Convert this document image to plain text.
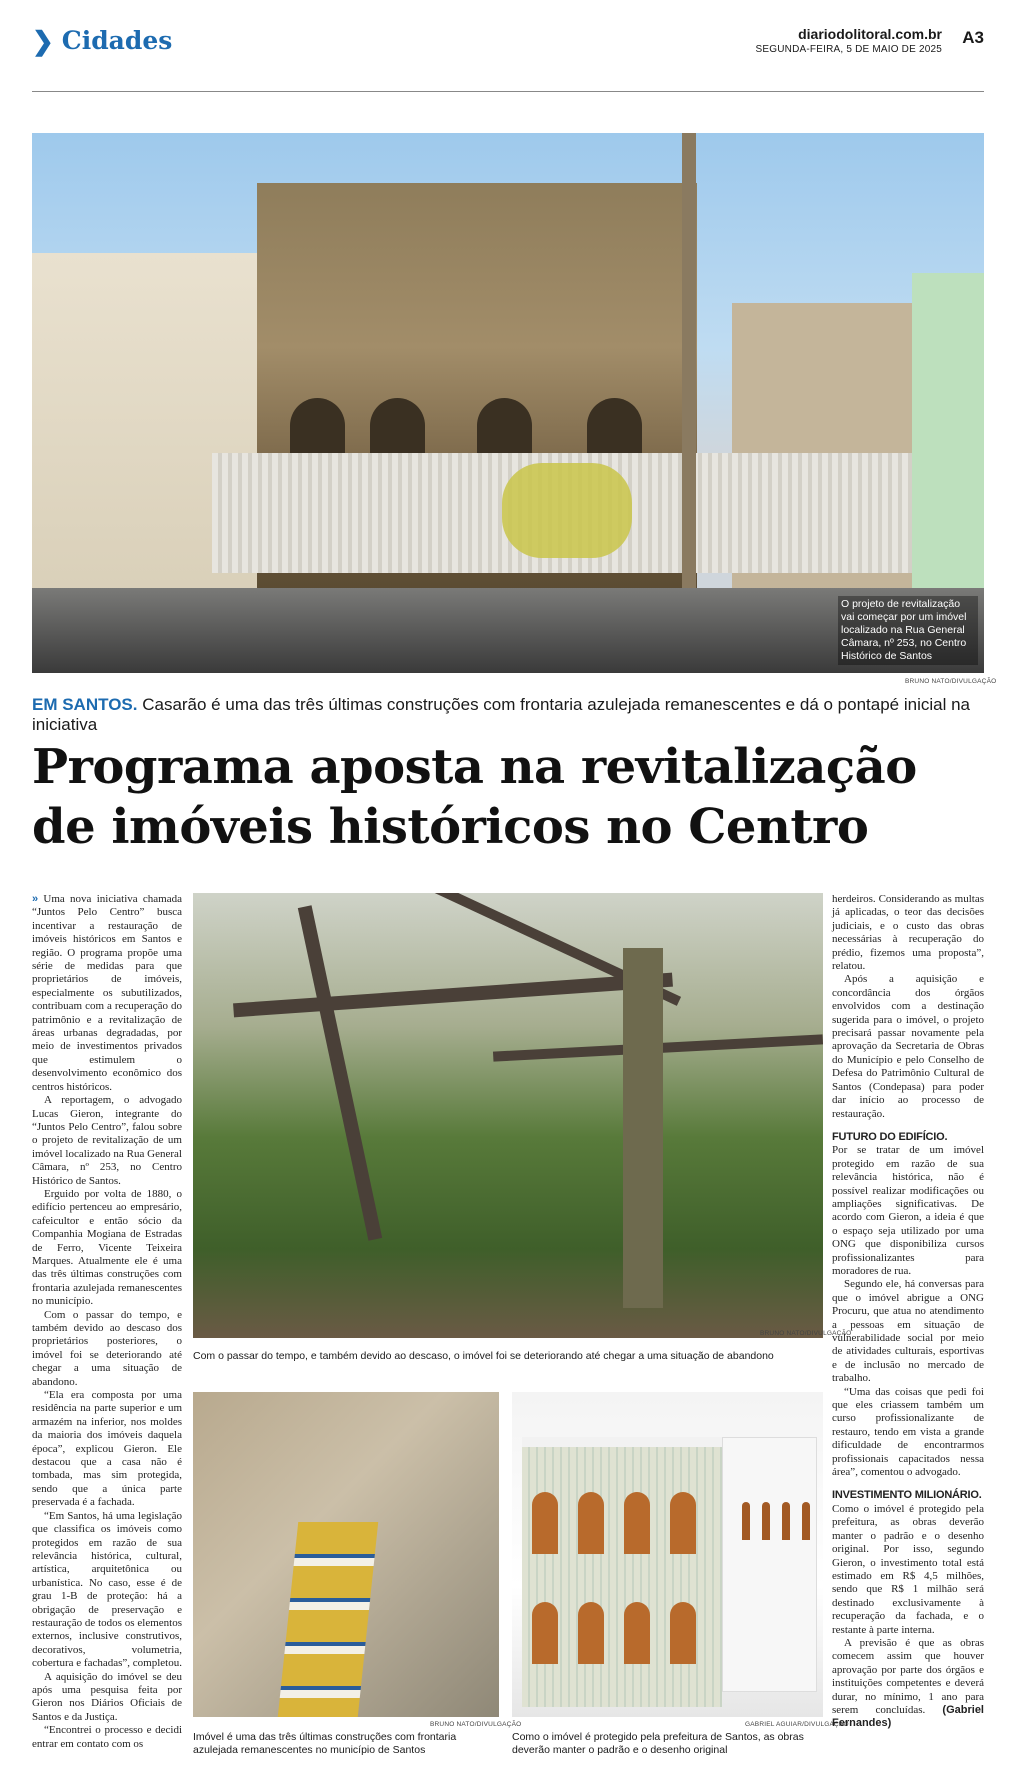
❯ Cidades	diariodolitoral.com.br
SEGUNDA-FEIRA, 5 DE MAIO DE 2025
A3
O projeto de revitalização vai começar por um imóvel localizado na Rua General Câmara, nº 253, no Centro Histórico de Santos
BRUNO NATO/DIVULGAÇÃO
EM SANTOS. Casarão é uma das três últimas construções com frontaria azulejada remanescentes e dá o pontapé inicial na iniciativa
Programa aposta na revitalização de imóveis históricos no Centro

» Uma nova iniciativa chamada “Juntos Pelo Centro” busca incentivar a restauração de imóveis históricos em Santos e região. O programa propõe uma série de medidas para que proprietários de imóveis, especialmente os subutilizados, contribuam com a recuperação do patrimônio e a revitalização de áreas urbanas degradadas, por meio de investimentos privados que estimulem o desenvolvimento econômico dos centros históricos.

A reportagem, o advogado Lucas Gieron, integrante do “Juntos Pelo Centro”, falou sobre o projeto de revitalização de um imóvel localizado na Rua General Câmara, nº 253, no Centro Histórico de Santos.

Erguido por volta de 1880, o edifício pertenceu ao empresário, cafeicultor e então sócio da Companhia Mogiana de Estradas de Ferro, Vicente Teixeira Marques. Atualmente ele é uma das três últimas construções com frontaria azulejada remanescentes no município.

Com o passar do tempo, e também devido ao descaso dos proprietários posteriores, o imóvel foi se deteriorando até chegar a uma situação de abandono.

“Ela era composta por uma residência na parte superior e um armazém na inferior, nos moldes da maioria dos imóveis daquela época”, explicou Gieron. Ele destacou que a casa não é tombada, mas sim protegida, sendo que a única parte preservada é a fachada.

“Em Santos, há uma legislação que classifica os imóveis como protegidos em razão de sua relevância histórica, cultural, artística, arquitetônica ou urbanística. No caso, esse é de grau 1-B de proteção: há a obrigação de preservação e restauração de todos os elementos externos, inclusive construtivos, decorativos, volumetria, cobertura e fachadas”, completou.

A aquisição do imóvel se deu após uma pesquisa feita por Gieron nos Diários Oficiais de Santos e da Justiça.

“Encontrei o processo e decidi entrar em contato com os

BRUNO NATO/DIVULGAÇÃO
Com o passar do tempo, e também devido ao descaso, o imóvel foi se deteriorando até chegar a uma situação de abandono
BRUNO NATO/DIVULGAÇÃO
Imóvel é uma das três últimas construções com frontaria azulejada remanescentes no município de Santos
GABRIEL AGUIAR/DIVULGAÇÃO
Como o imóvel é protegido pela prefeitura de Santos, as obras deverão manter o padrão e o desenho original

herdeiros. Considerando as multas já aplicadas, o teor das decisões judiciais, e o custo das obras necessárias à recuperação do prédio, fizemos uma proposta”, relatou.

Após a aquisição e concordância dos órgãos envolvidos com a destinação sugerida para o imóvel, o projeto precisará passar novamente pela aprovação da Secretaria de Obras do Município e pelo Conselho de Defesa do Patrimônio Cultural de Santos (Condepasa) para poder dar início ao processo de restauração.

FUTURO DO EDIFÍCIO.

Por se tratar de um imóvel protegido em razão de sua relevância histórica, não é possível realizar modificações ou ampliações significativas. De acordo com Gieron, a ideia é que o espaço seja utilizado por uma ONG que disponibiliza cursos profissionalizantes para moradores de rua.

Segundo ele, há conversas para que o imóvel abrigue a ONG Procuru, que atua no atendimento a pessoas em situação de vulnerabilidade social por meio de atividades culturais, esportivas e de inclusão no mercado de trabalho.

“Uma das coisas que pedi foi que eles criassem também um curso profissionalizante de restauro, tendo em vista a grande dificuldade de encontrarmos profissionais capacitados nessa área”, comentou o advogado.

INVESTIMENTO MILIONÁRIO.

Como o imóvel é protegido pela prefeitura, as obras deverão manter o padrão e o desenho original. Por isso, segundo Gieron, o investimento total está estimado em R$ 4,5 milhões, sendo que R$ 1 milhão será destinado exclusivamente à recuperação da fachada, e o restante à parte interna.

A previsão é que as obras comecem assim que houver aprovação por parte dos órgãos e instituições competentes e deverá durar, no mínimo, 1 ano para serem concluídas. (Gabriel Fernandes)
